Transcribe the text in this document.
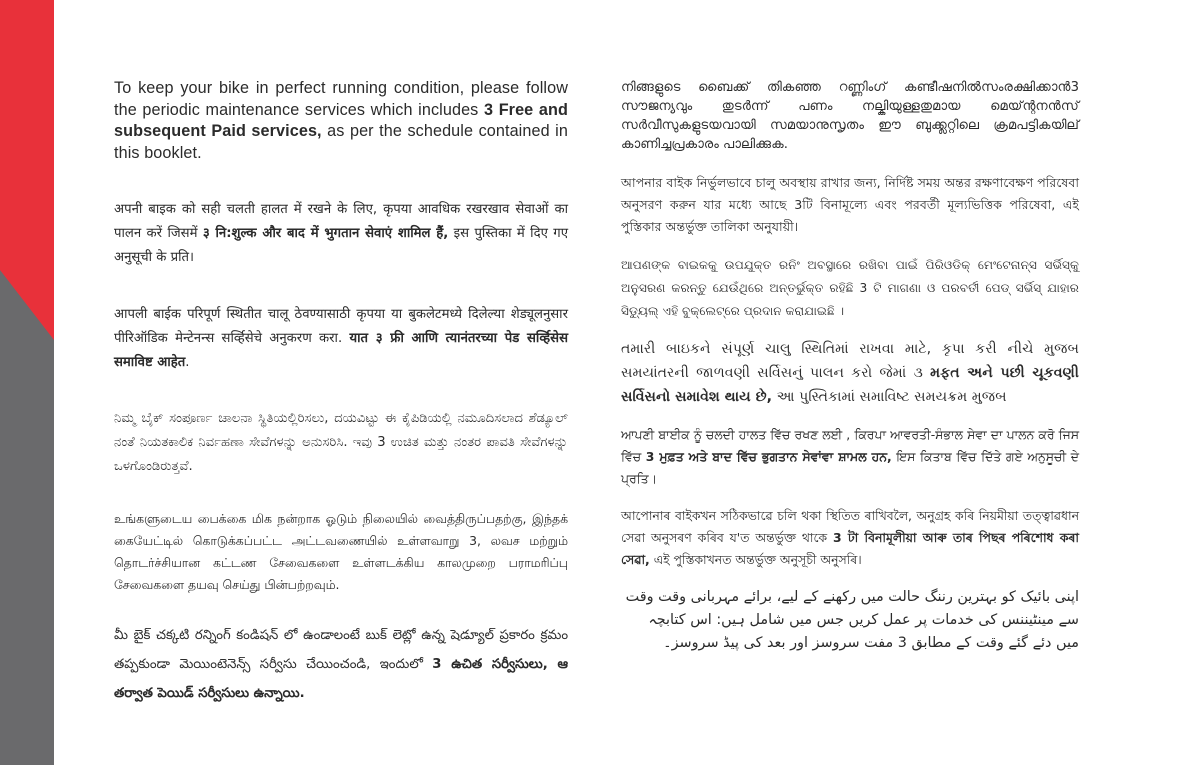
To keep your bike in perfect running condition, please follow the periodic maintenance services which includes 3 Free and subsequent Paid services, as per the schedule contained in this booklet.

अपनी बाइक को सही चलती हालत में रखने के लिए, कृपया आवधिक रखरखाव सेवाओं का पालन करें जिसमें ३ नि:शुल्क और बाद में भुगतान सेवाएं शामिल हैं, इस पुस्तिका में दिए गए अनुसूची के प्रति।

आपली बाईक परिपूर्ण स्थितीत चालू ठेवण्यासाठी कृपया या बुकलेटमध्ये दिलेल्या शेड्यूलनुसार पीरिऑडिक मेन्टेनन्स सर्व्हिसेचे अनुकरण करा. यात ३ फ्री आणि त्यानंतरच्या पेड सर्व्हिसेस समाविष्ट आहेत.

ನಿಮ್ಮ ಬೈಕ್ ಸಂಪೂರ್ಣ ಚಾಲನಾ ಸ್ಥಿತಿಯಲ್ಲಿರಿಸಲು, ದಯವಿಟ್ಟು ಈ ಕೈಪಿಡಿಯಲ್ಲಿ ನಮೂದಿಸಲಾದ ಶೆಡ್ಯೂಲ್ ನಂತೆ ನಿಯತಕಾಲಿಕ ನಿರ್ವಹಣಾ ಸೇವೆಗಳನ್ನು ಅನುಸರಿಸಿ. ಇವು 3 ಉಚಿತ ಮತ್ತು ನಂತರ ಪಾವತಿ ಸೇವೆಗಳನ್ನು ಒಳಗೊಂಡಿರುತ್ತವೆ.

உங்களுடைய பைக்கை மிக நன்றாக ஓடும் நிலையில் வைத்திருப்பதற்கு, இந்தக் கையேட்டில் கொடுக்கப்பட்ட அட்டவணையில் உள்ளவாறு 3, லவச மற்றும் தொடர்ச்சியான கட்டண சேவைகளை உள்ளடக்கிய காலமுறை பராமரிப்பு சேவைகளை தயவு செய்து பின்பற்றவும்.

మీ బైక్ చక్కటి రన్నింగ్ కండిషన్ లో ఉండాలంటే బుక్ లెట్లో ఉన్న షెడ్యూల్ ప్రకారం క్రమం తప్పకుండా మెయింటెనెన్స్ సర్వీసు చేయించండి, ఇందులో 3 ఉచిత సర్వీసులు, ఆ తర్వాత పెయిడ్ సర్వీసులు ఉన్నాయి.

നിങ്ങളുടെ ബൈക്ക് തികഞ്ഞ റണ്ണിംഗ് കണ്ടീഷനിൽസംരക്ഷിക്കാൻ3 സൗജന്യവും തുടർന്ന് പണം നല്കിയുള്ളതുമായ മെയ്ന്റനൻസ് സർവീസുകളുടയവായി സമയാനുസൃതം ഈ ബുക്ക്ലറ്റിലെ ക്രമപട്ടികയില് കാണിച്ചപ്രകാരം പാലിക്കുക.

আপনার বাইক নির্ভুলভাবে চালু অবস্থায় রাখার জন্য, নির্দিষ্ট সময় অন্তর রক্ষণাবেক্ষণ পরিষেবা অনুসরণ করুন যার মধ্যে আছে 3টি বিনামূল্যে এবং পরবর্তী মূল্যভিত্তিক পরিষেবা, এই পুস্তিকার অন্তর্ভুক্ত তালিকা অনুযায়ী।

ଆପଣଙ୍କ ବାଇକକୁ ଉପଯୁକ୍ତ ରନିଂ ଅବସ୍ଥାରେ ରଖିବା ପାଇଁ ପିରିଓଡିକ୍ ମେଂଟେନାନ୍ସ ସର୍ଭିସ୍କୁ ଅନୁସରଣ କରନ୍ତୁ ଯେଉଁଥିରେ ଅନ୍ତର୍ଭୁକ୍ତ ରହିଛି 3 ଟି ମାଗଣା ଓ ପରବର୍ତୀ ପେଡ୍ ସର୍ଭିସ୍ ଯାହାର ସିଡ୍ୟୁଲ୍ ଏହି ବୁକ୍ଲେଟ୍ରେ ପ୍ରଦାନ କରାଯାଇଛି ।

તમારી બાઇકને સંપૂર્ણ ચાલુ સ્થિતિમાં રાખવા માટે, કૃપા કરી નીચે મુજબ સમયાંતરની જાળવણી સર્વિસનું પાલન કરો જેમાં ૩ મફત અને પછી ચૂકવણી સર્વિસનો સમાવેશ થાય છે, આ પુસ્તિકામાં સમાવિષ્ટ સમયક્રમ મુજબ

ਆਪਣੀ ਬਾਈਕ ਨੂੰ ਚਲਦੀ ਹਾਲਤ ਵਿੱਚ ਰਖਣ ਲਈ , ਕਿਰਪਾ ਆਵਰਤੀ-ਸੰਭਾਲ ਸੇਵਾ ਦਾ ਪਾਲਨ ਕਰੋ ਜਿਸ ਵਿੱਚ 3 ਮੁਫ਼ਤ ਅਤੇ ਬਾਦ ਵਿੱਚ ਭੁਗਤਾਨ ਸੇਵਾਂਵਾ ਸ਼ਾਮਲ ਹਨ, ਇਸ ਕਿਤਾਬ ਵਿੱਚ ਦਿੱਤੇ ਗਏ ਅਨੁਸੂਚੀ ਦੇ ਪ੍ਰਤਿ।

আপোনাৰ বাইকখন সঠিকভাৱে চলি থকা স্থিতিত ৰাখিবলৈ, অনুগ্ৰহ কৰি নিয়মীয়া তত্ত্বাৱধান সেৱা অনুসৰণ কৰিব য'ত অন্তৰ্ভুক্ত থাকে 3 টা বিনামূলীয়া আৰু তাৰ পিছৰ পৰিশোধ কৰা সেৱা, এই পুস্তিকাখনত অন্তৰ্ভুক্ত অনুসূচী অনুসৰি।

اپنی بائیک کو بہترین رننگ حالت میں رکھنے کے لیے، برائے مہربانی وقت وقت سے مینٹیننس کی خدمات پر عمل کریں جس میں شامل ہیں: اس کتابچہ میں دئے گئے وقت کے مطابق 3 مفت سروسز اور بعد کی پیڈ سروسز۔
